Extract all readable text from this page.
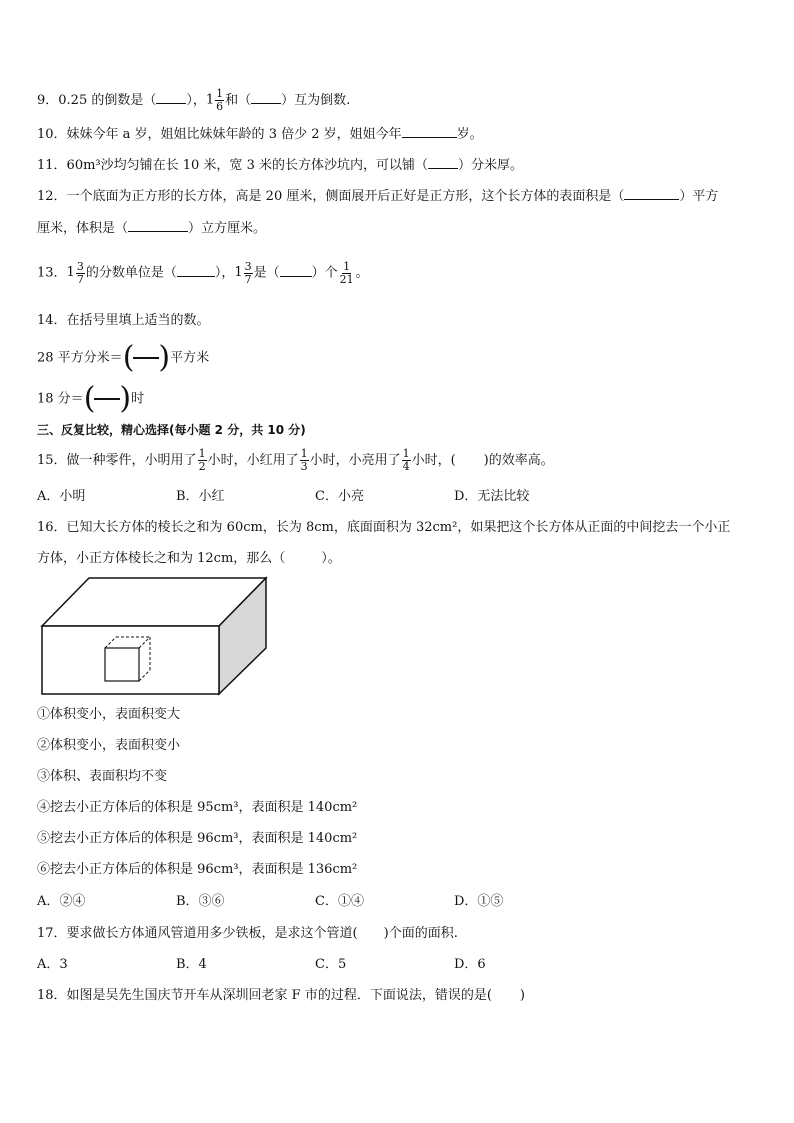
9．0.25 的倒数是（ ），$1 \frac{1}{6}$ 和（ ）互为倒数.
10．妹妹今年 a 岁，姐姐比妹妹年龄的 3 倍少 2 岁，姐姐今年	岁。
11．60m³沙均匀铺在长 10 米，宽 3 米的长方体沙坑内，可以铺（ ）分米厚。
12．一个底面为正方形的长方体，高是 20 厘米，侧面展开后正好是正方形，这个长方体的表面积是（	）平方
厘米，体积是（	）立方厘米。
13．$1 \frac{3}{7}$ 的分数单位是（	），$1 \frac{3}{7}$ 是（ ）个 $\frac{1}{21}$ 。
14．在括号里填上适当的数。
28 平方分米＝ ( ) 平方米
18 分＝ ( ) 时
三、反复比较，精心选择(每小题 2 分，共 10 分)
15．做一种零件，小明用了 $\frac{1}{2}$ 小时，小红用了 $\frac{1}{3}$ 小时，小亮用了 $\frac{1}{4}$ 小时，( )的效率高。
A．小明	B．小红	C．小亮	D．无法比较
16．已知大长方体的棱长之和为 60cm，长为 8cm，底面面积为 32cm²，如果把这个长方体从正面的中间挖去一个小正
方体，小正方体棱长之和为 12cm，那么（	）。
①体积变小，表面积变大
②体积变小，表面积变小
③体积、表面积均不变
④挖去小正方体后的体积是 95cm³，表面积是 140cm²
⑤挖去小正方体后的体积是 96cm³，表面积是 140cm²
⑥挖去小正方体后的体积是 96cm³，表面积是 136cm²
A．②④	B．③⑥	C．①④	D．①⑤
17．要求做长方体通风管道用多少铁板，是求这个管道( )个面的面积.
A．3	B．4	C．5	D．6
18．如图是吴先生国庆节开车从深圳回老家 F 市的过程．下面说法，错误的是( )
